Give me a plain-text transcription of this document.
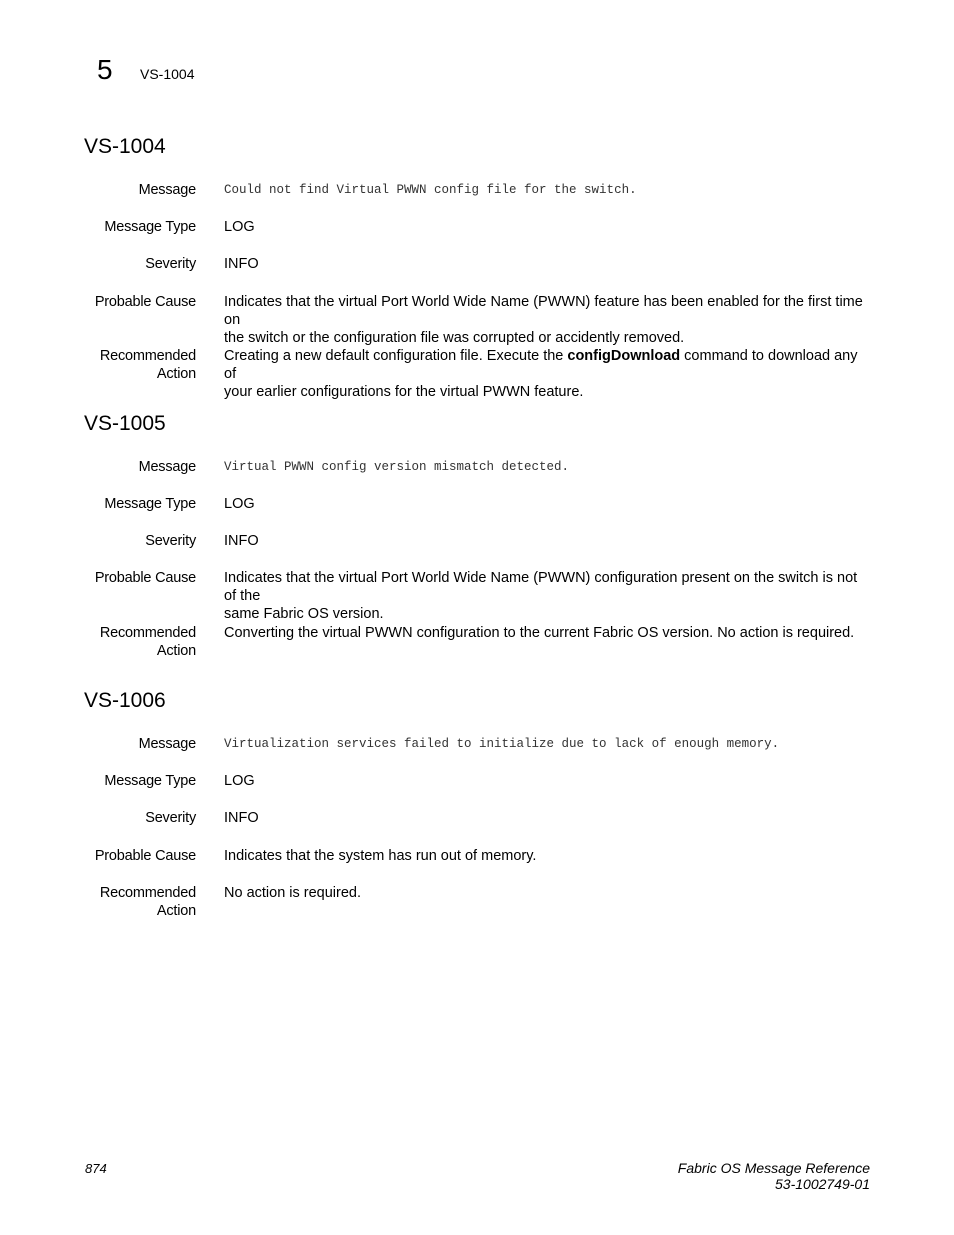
5	VS-1004
VS-1004
Message Could not find Virtual PWWN config file for the switch.
Message Type LOG
Severity INFO
Probable Cause Indicates that the virtual Port World Wide Name (PWWN) feature has been enabled for the first time on
the switch or the configuration file was corrupted or accidently removed.
Recommended
Action
Creating a new default configuration file. Execute the configDownload command to download any of
your earlier configurations for the virtual PWWN feature.
VS-1005
Message Virtual PWWN config version mismatch detected.
Message Type LOG
Severity INFO
Probable Cause Indicates that the virtual Port World Wide Name (PWWN) configuration present on the switch is not of the
same Fabric OS version.
Recommended
Action
Converting the virtual PWWN configuration to the current Fabric OS version. No action is required.
VS-1006
Message Virtualization services failed to initialize due to lack of enough memory.
Message Type LOG
Severity INFO
Probable Cause Indicates that the system has run out of memory.
Recommended
Action
No action is required.
874	Fabric OS Message Reference
53-1002749-01
